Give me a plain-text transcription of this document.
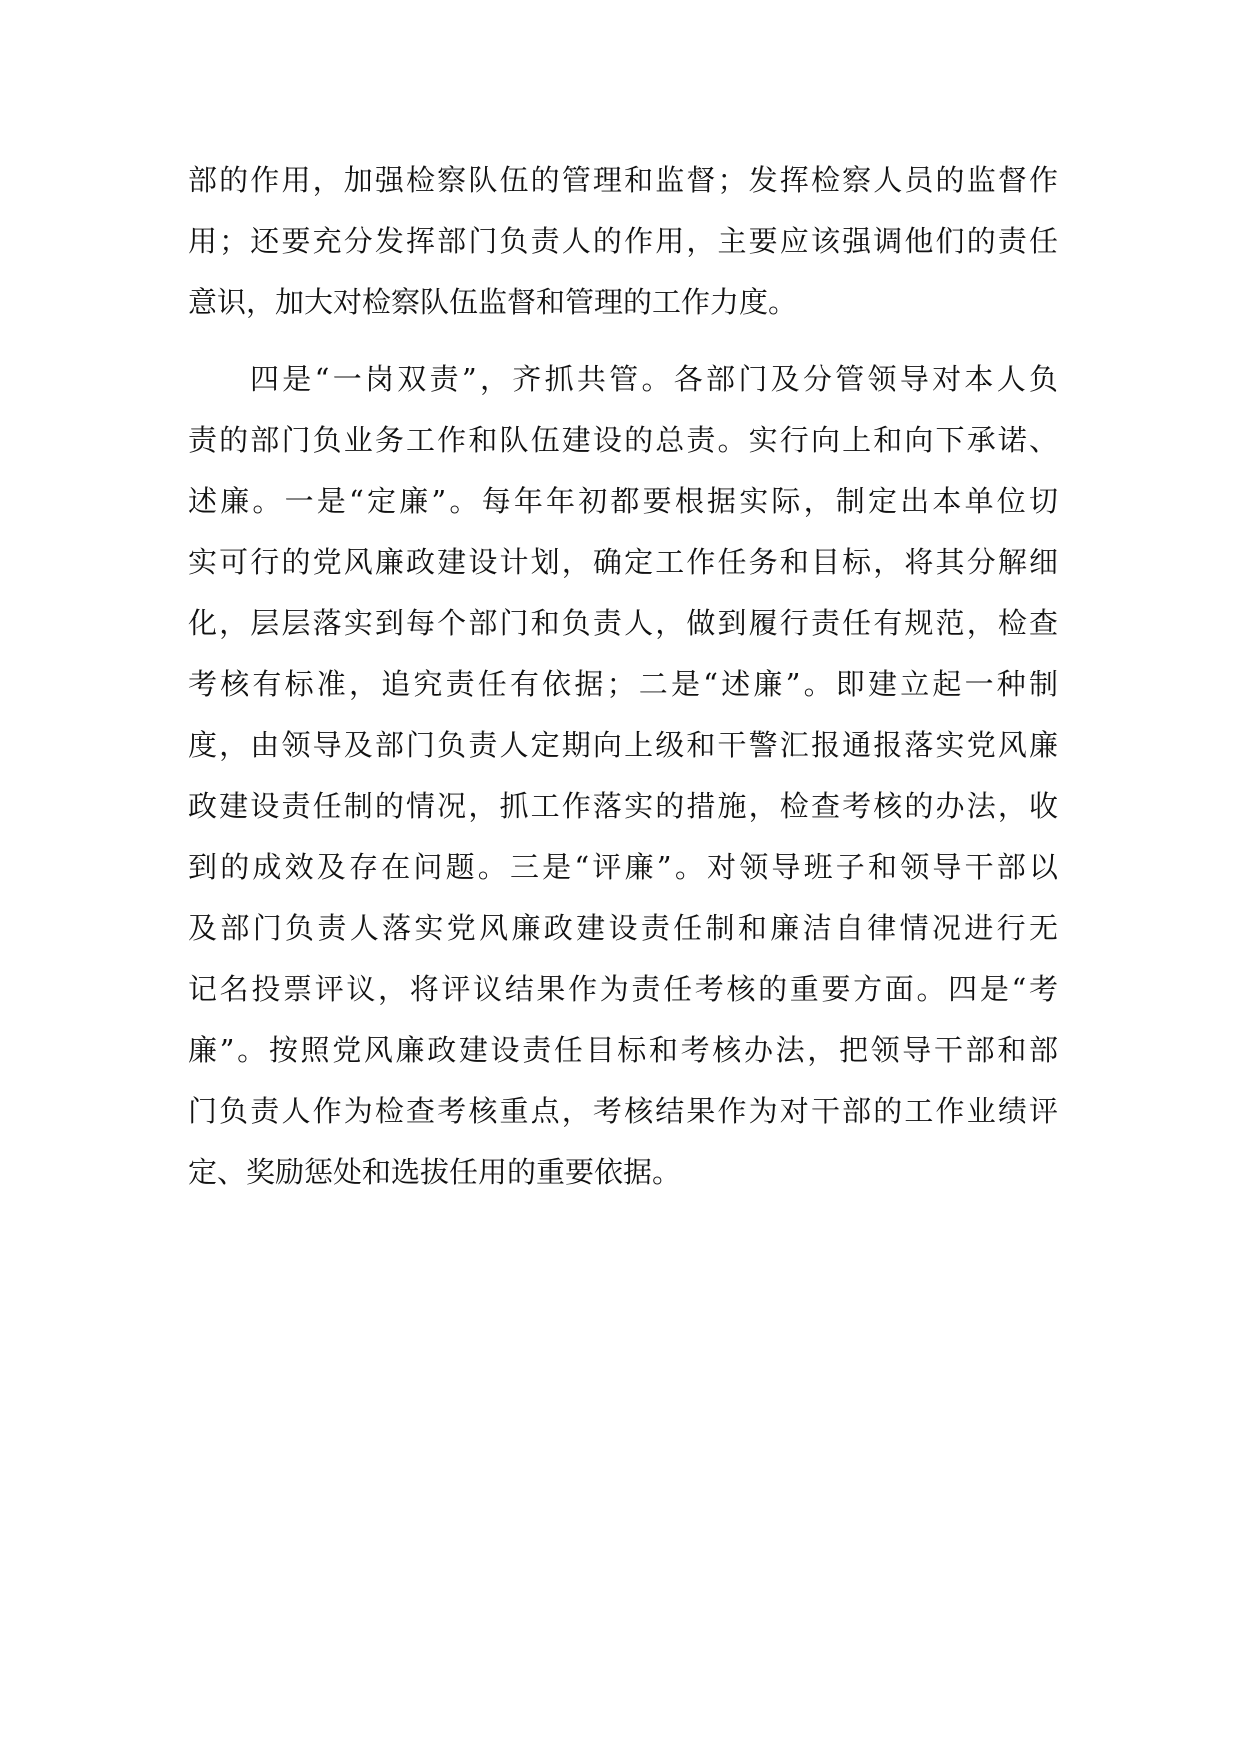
部的作用，加强检察队伍的管理和监督；发挥检察人员的监督作
用；还要充分发挥部门负责人的作用，主要应该强调他们的责任
意识，加大对检察队伍监督和管理的工作力度。
四是“一岗双责”，齐抓共管。各部门及分管领导对本人负
责的部门负业务工作和队伍建设的总责。实行向上和向下承诺、
述廉。一是“定廉”。每年年初都要根据实际，制定出本单位切
实可行的党风廉政建设计划，确定工作任务和目标，将其分解细
化，层层落实到每个部门和负责人，做到履行责任有规范，检查
考核有标准，追究责任有依据；二是“述廉”。即建立起一种制
度，由领导及部门负责人定期向上级和干警汇报通报落实党风廉
政建设责任制的情况，抓工作落实的措施，检查考核的办法，收
到的成效及存在问题。三是“评廉”。对领导班子和领导干部以
及部门负责人落实党风廉政建设责任制和廉洁自律情况进行无
记名投票评议，将评议结果作为责任考核的重要方面。四是“考
廉”。按照党风廉政建设责任目标和考核办法，把领导干部和部
门负责人作为检查考核重点，考核结果作为对干部的工作业绩评
定、奖励惩处和选拔任用的重要依据。
